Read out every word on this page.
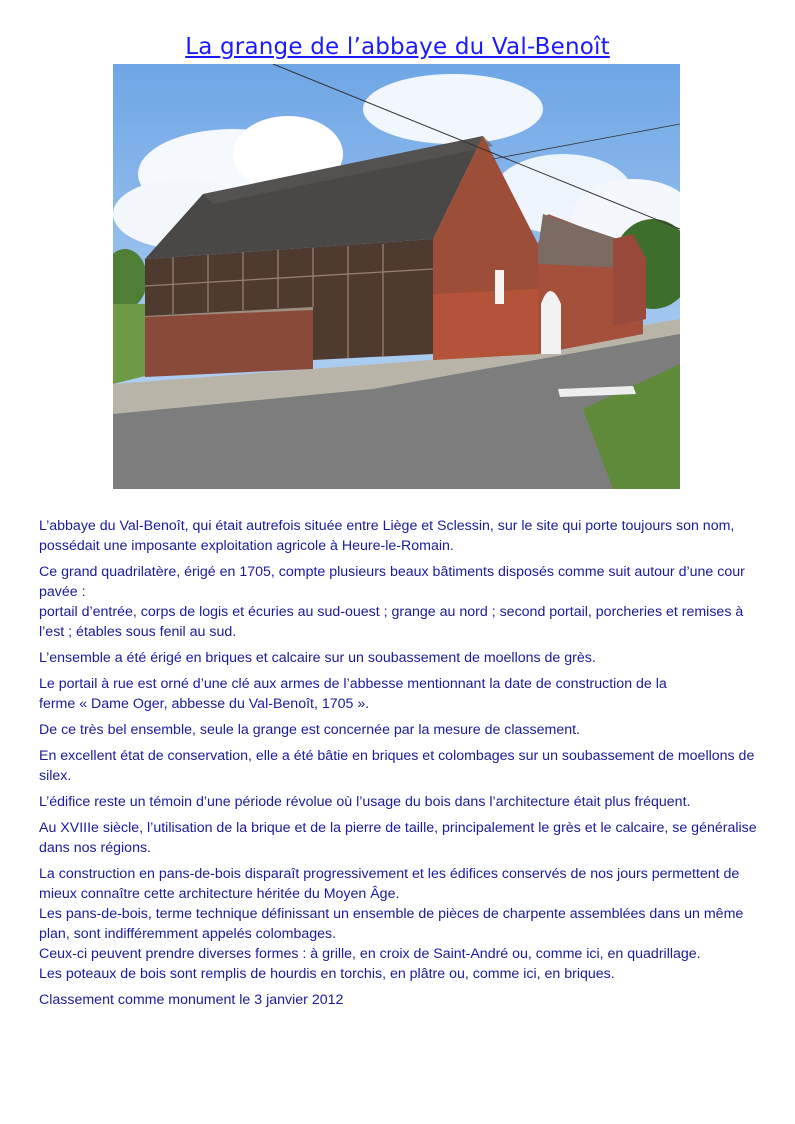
La grange de l’abbaye du Val-Benoît

L’abbaye du Val-Benoît, qui était autrefois située entre Liège et Sclessin, sur le site qui porte toujours son nom, possédait une imposante exploitation agricole à Heure-le-Romain.

Ce grand quadrilatère, érigé en 1705, compte plusieurs beaux bâtiments disposés comme suit autour d’une cour pavée :
portail d’entrée, corps de logis et écuries au sud-ouest ; grange au nord ; second portail, porcheries et remises à l’est ; étables sous fenil au sud.

L’ensemble a été érigé en briques et calcaire sur un soubassement de moellons de grès.

Le portail à rue est orné d’une clé aux armes de l’abbesse mentionnant la date de construction de la
ferme « Dame Oger, abbesse du Val-Benoît, 1705 ».

De ce très bel ensemble, seule la grange est concernée par la mesure de classement.

En excellent état de conservation, elle a été bâtie en briques et colombages sur un soubassement de moellons de silex.

L’édifice reste un témoin d’une période révolue où l’usage du bois dans l’architecture était plus fréquent.

Au XVIIIe siècle, l’utilisation de la brique et de la pierre de taille, principalement le grès et le calcaire, se généralise dans nos régions.

La construction en pans-de-bois disparaît progressivement et les édifices conservés de nos jours permettent de mieux connaître cette architecture héritée du Moyen Âge.
Les pans-de-bois, terme technique définissant un ensemble de pièces de charpente assemblées dans un même plan, sont indifféremment appelés colombages.
Ceux-ci peuvent prendre diverses formes : à grille, en croix de Saint-André ou, comme ici, en quadrillage.
Les poteaux de bois sont remplis de hourdis en torchis, en plâtre ou, comme ici, en briques.

Classement comme monument le 3 janvier 2012
